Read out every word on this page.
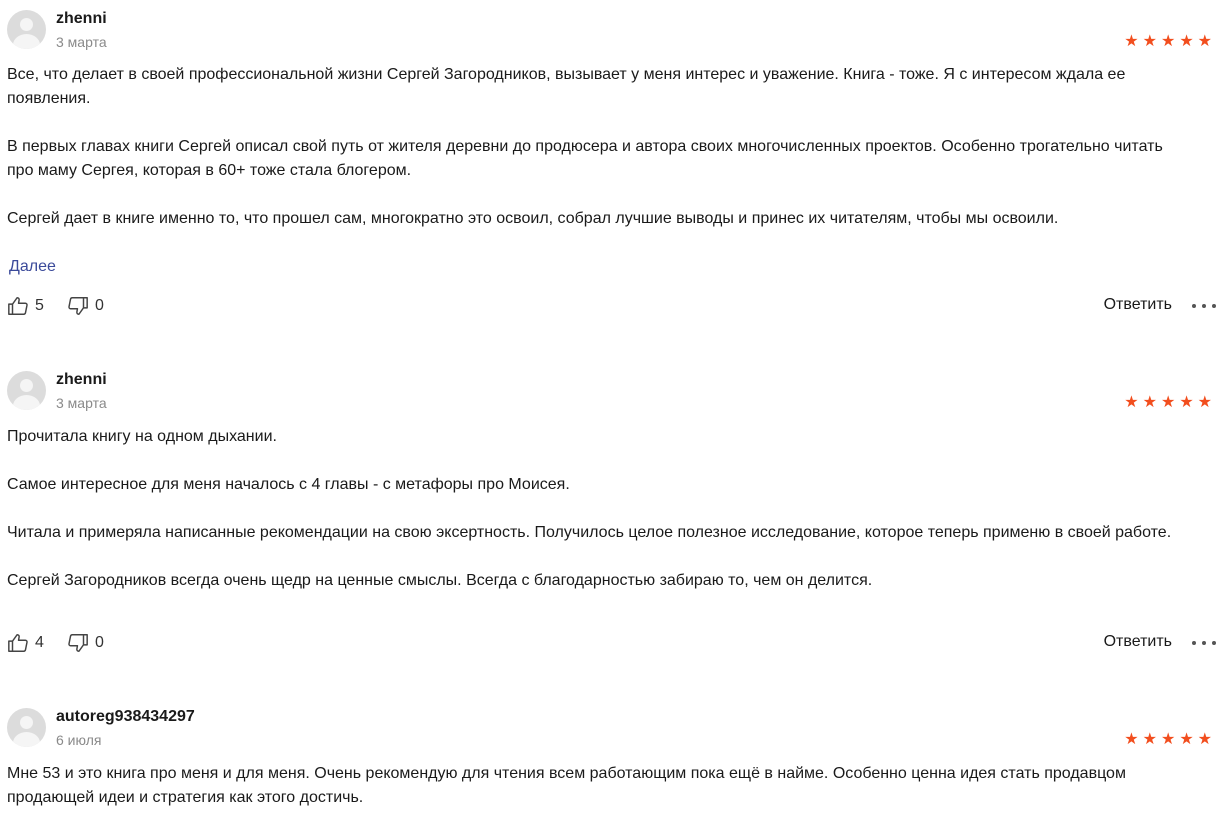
zhenni
3 марта	★ ★ ★ ★ ★

Все, что делает в своей профессиональной жизни Сергей Загородников, вызывает у меня интерес и уважение. Книга - тоже. Я с интересом ждала ее появления.

В первых главах книги Сергей описал свой путь от жителя деревни до продюсера и автора своих многочисленных проектов. Особенно трогательно читать про маму Сергея, которая в 60+ тоже стала блогером.

Сергей дает в книге именно то, что прошел сам, многократно это освоил, собрал лучшие выводы и принес их читателям, чтобы мы освоили.

Далее
5	0	Ответить
zhenni
3 марта	★ ★ ★ ★ ★

Прочитала книгу на одном дыхании.

Самое интересное для меня началось с 4 главы - с метафоры про Моисея.

Читала и примеряла написанные рекомендации на свою эксертность. Получилось целое полезное исследование, которое теперь применю в своей работе.

Сергей Загородников всегда очень щедр на ценные смыслы. Всегда с благодарностью забираю то, чем он делится.

4	0	Ответить
autoreg938434297
6 июля	★ ★ ★ ★ ★

Мне 53 и это книга про меня и для меня. Очень рекомендую для чтения всем работающим пока ещё в найме. Особенно ценна идея стать продавцом продающей идеи и стратегия как этого достичь.
